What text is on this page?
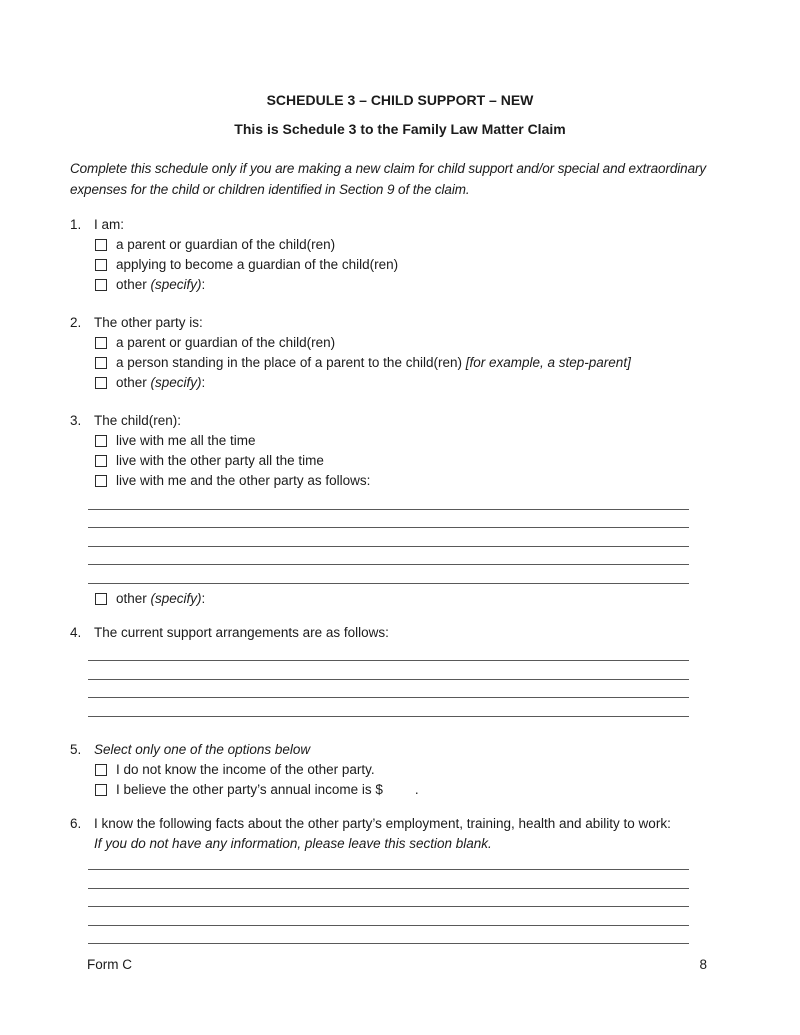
SCHEDULE 3 – CHILD SUPPORT – NEW
This is Schedule 3 to the Family Law Matter Claim

Complete this schedule only if you are making a new claim for child support and/or special and extraordinary expenses for the child or children identified in Section 9 of the claim.

1. I am:
a parent or guardian of the child(ren)
applying to become a guardian of the child(ren)
other (specify):
2. The other party is:
a parent or guardian of the child(ren)
a person standing in the place of a parent to the child(ren) [for example, a step-parent]
other (specify):
3. The child(ren):
live with me all the time
live with the other party all the time
live with me and the other party as follows:
other (specify):
4. The current support arrangements are as follows:
5. Select only one of the options below
I do not know the income of the other party.
I believe the other party’s annual income is $ .
6. I know the following facts about the other party’s employment, training, health and ability to work:
If you do not have any information, please leave this section blank.
Form C	8
